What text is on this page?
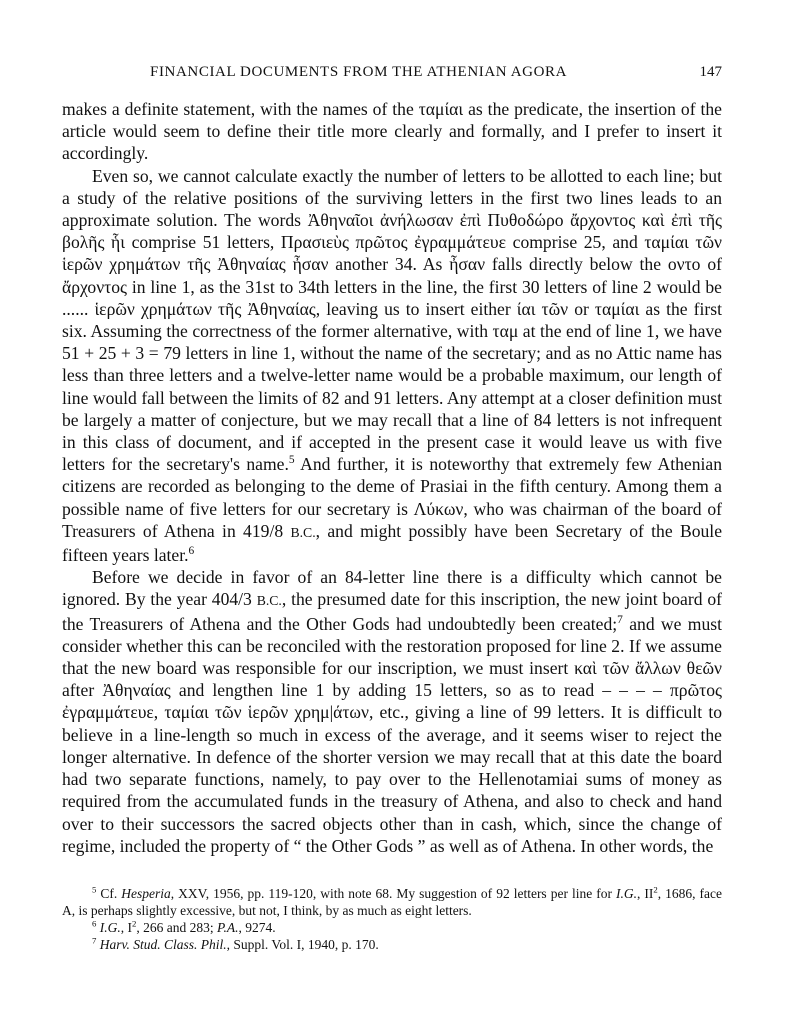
FINANCIAL DOCUMENTS FROM THE ATHENIAN AGORA	147

makes a definite statement, with the names of the ταμίαι as the predicate, the insertion of the article would seem to define their title more clearly and formally, and I prefer to insert it accordingly.

Even so, we cannot calculate exactly the number of letters to be allotted to each line; but a study of the relative positions of the surviving letters in the first two lines leads to an approximate solution. The words Ἀθηναῖοι ἀνήλωσαν ἐπὶ Πυθοδώρο ἄρχοντος καὶ ἐπὶ τῆς βολῆς ἧι comprise 51 letters, Πρασιεὺς πρῶτος ἐγραμμάτευε comprise 25, and ταμίαι τῶν ἱερῶν χρημάτων τῆς Ἀθηναίας ἦσαν another 34. As ἦσαν falls directly below the οντο of ἄρχοντος in line 1, as the 31st to 34th letters in the line, the first 30 letters of line 2 would be ...... ἱερῶν χρημάτων τῆς Ἀθηναίας, leaving us to insert either ίαι τῶν or ταμίαι as the first six. Assuming the correctness of the former alternative, with ταμ at the end of line 1, we have 51 + 25 + 3 = 79 letters in line 1, without the name of the secretary; and as no Attic name has less than three letters and a twelve-letter name would be a probable maximum, our length of line would fall between the limits of 82 and 91 letters. Any attempt at a closer definition must be largely a matter of conjecture, but we may recall that a line of 84 letters is not infrequent in this class of document, and if accepted in the present case it would leave us with five letters for the secretary's name.$^5$ And further, it is noteworthy that extremely few Athenian citizens are recorded as belonging to the deme of Prasiai in the fifth century. Among them a possible name of five letters for our secretary is Λύκων, who was chairman of the board of Treasurers of Athena in 419/8 B.C., and might possibly have been Secretary of the Boule fifteen years later.$^6$

Before we decide in favor of an 84-letter line there is a difficulty which cannot be ignored. By the year 404/3 B.C., the presumed date for this inscription, the new joint board of the Treasurers of Athena and the Other Gods had undoubtedly been created;$^7$ and we must consider whether this can be reconciled with the restoration proposed for line 2. If we assume that the new board was responsible for our inscription, we must insert καὶ τῶν ἄλλων θεῶν after Ἀθηναίας and lengthen line 1 by adding 15 letters, so as to read – – – – πρῶτος ἐγραμμάτευε, ταμίαι τῶν ἱερῶν χρημ|άτων, etc., giving a line of 99 letters. It is difficult to believe in a line-length so much in excess of the average, and it seems wiser to reject the longer alternative. In defence of the shorter version we may recall that at this date the board had two separate functions, namely, to pay over to the Hellenotamiai sums of money as required from the accumulated funds in the treasury of Athena, and also to check and hand over to their successors the sacred objects other than in cash, which, since the change of regime, included the property of “ the Other Gods ” as well as of Athena. In other words, the

$^5$ Cf. Hesperia, XXV, 1956, pp. 119-120, with note 68. My suggestion of 92 letters per line for I.G., $II^2$, 1686, face A, is perhaps slightly excessive, but not, I think, by as much as eight letters.

$^6$ I.G., $I^2$, 266 and 283; P.A., 9274.

$^7$ Harv. Stud. Class. Phil., Suppl. Vol. I, 1940, p. 170.
